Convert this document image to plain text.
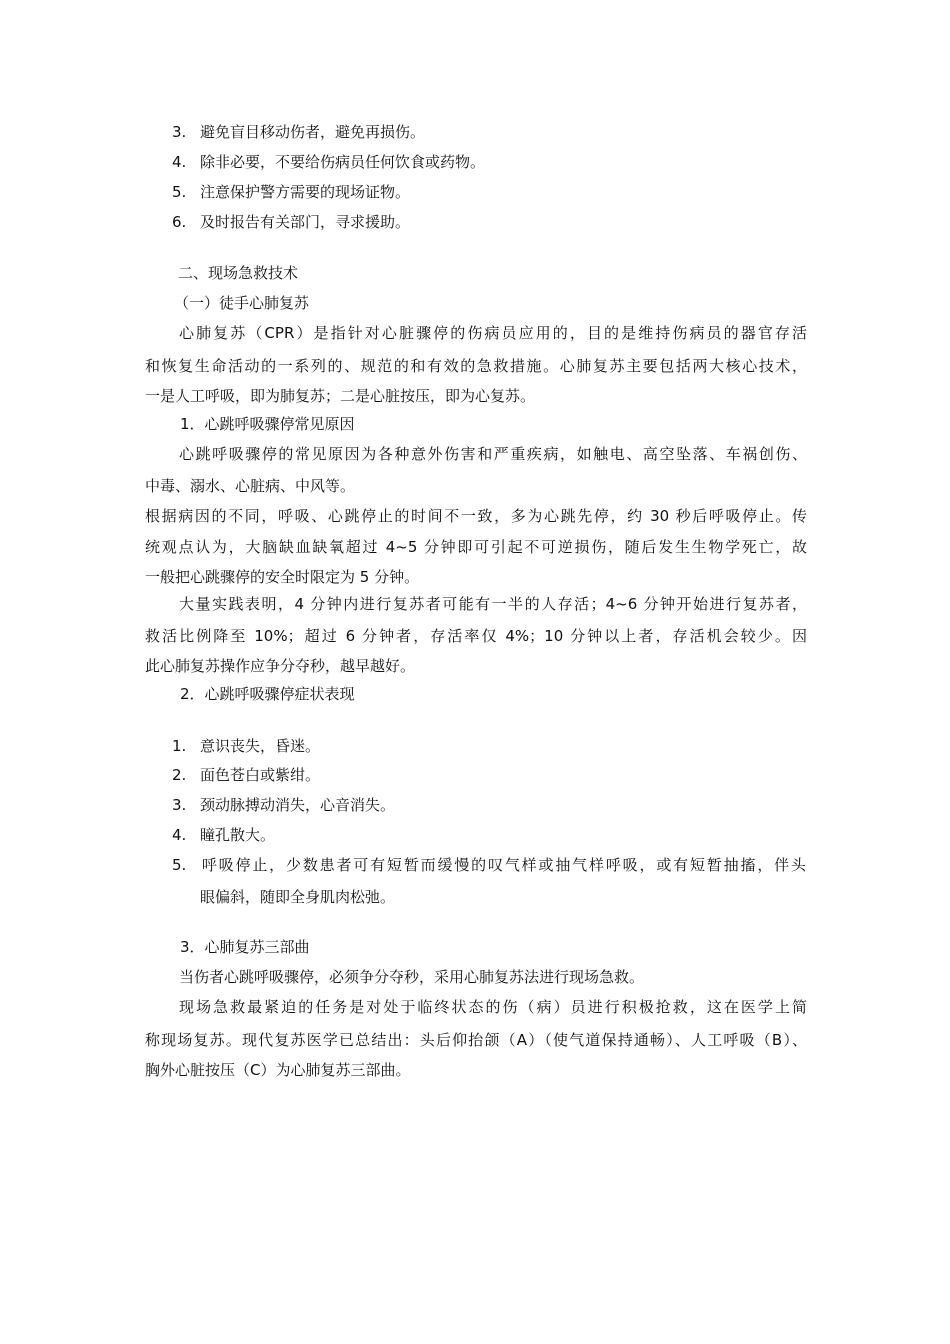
3. 避免盲目移动伤者，避免再损伤。
4. 除非必要，不要给伤病员任何饮食或药物。
5. 注意保护警方需要的现场证物。
6. 及时报告有关部门，寻求援助。
二、现场急救技术
（一）徒手心肺复苏
心肺复苏（CPR）是指针对心脏骤停的伤病员应用的，目的是维持伤病员的器官存活
和恢复生命活动的一系列的、规范的和有效的急救措施。心肺复苏主要包括两大核心技术，
一是人工呼吸，即为肺复苏；二是心脏按压，即为心复苏。
1．心跳呼吸骤停常见原因
心跳呼吸骤停的常见原因为各种意外伤害和严重疾病，如触电、高空坠落、车祸创伤、
中毒、溺水、心脏病、中风等。
根据病因的不同，呼吸、心跳停止的时间不一致，多为心跳先停，约 30 秒后呼吸停止。传
统观点认为，大脑缺血缺氧超过 4~5 分钟即可引起不可逆损伤，随后发生生物学死亡，故
一般把心跳骤停的安全时限定为 5 分钟。
大量实践表明，4 分钟内进行复苏者可能有一半的人存活；4~6 分钟开始进行复苏者，
救活比例降至 10%；超过 6 分钟者，存活率仅 4%；10 分钟以上者，存活机会较少。因
此心肺复苏操作应争分夺秒，越早越好。
2．心跳呼吸骤停症状表现
1. 意识丧失，昏迷。
2. 面色苍白或紫绀。
3. 颈动脉搏动消失，心音消失。
4. 瞳孔散大。
5. 呼吸停止，少数患者可有短暂而缓慢的叹气样或抽气样呼吸，或有短暂抽搐，伴头
眼偏斜，随即全身肌肉松弛。
3．心肺复苏三部曲
当伤者心跳呼吸骤停，必须争分夺秒，采用心肺复苏法进行现场急救。
现场急救最紧迫的任务是对处于临终状态的伤（病）员进行积极抢救，这在医学上简
称现场复苏。现代复苏医学已总结出：头后仰抬颌（A）（使气道保持通畅）、人工呼吸（B）、
胸外心脏按压（C）为心肺复苏三部曲。
